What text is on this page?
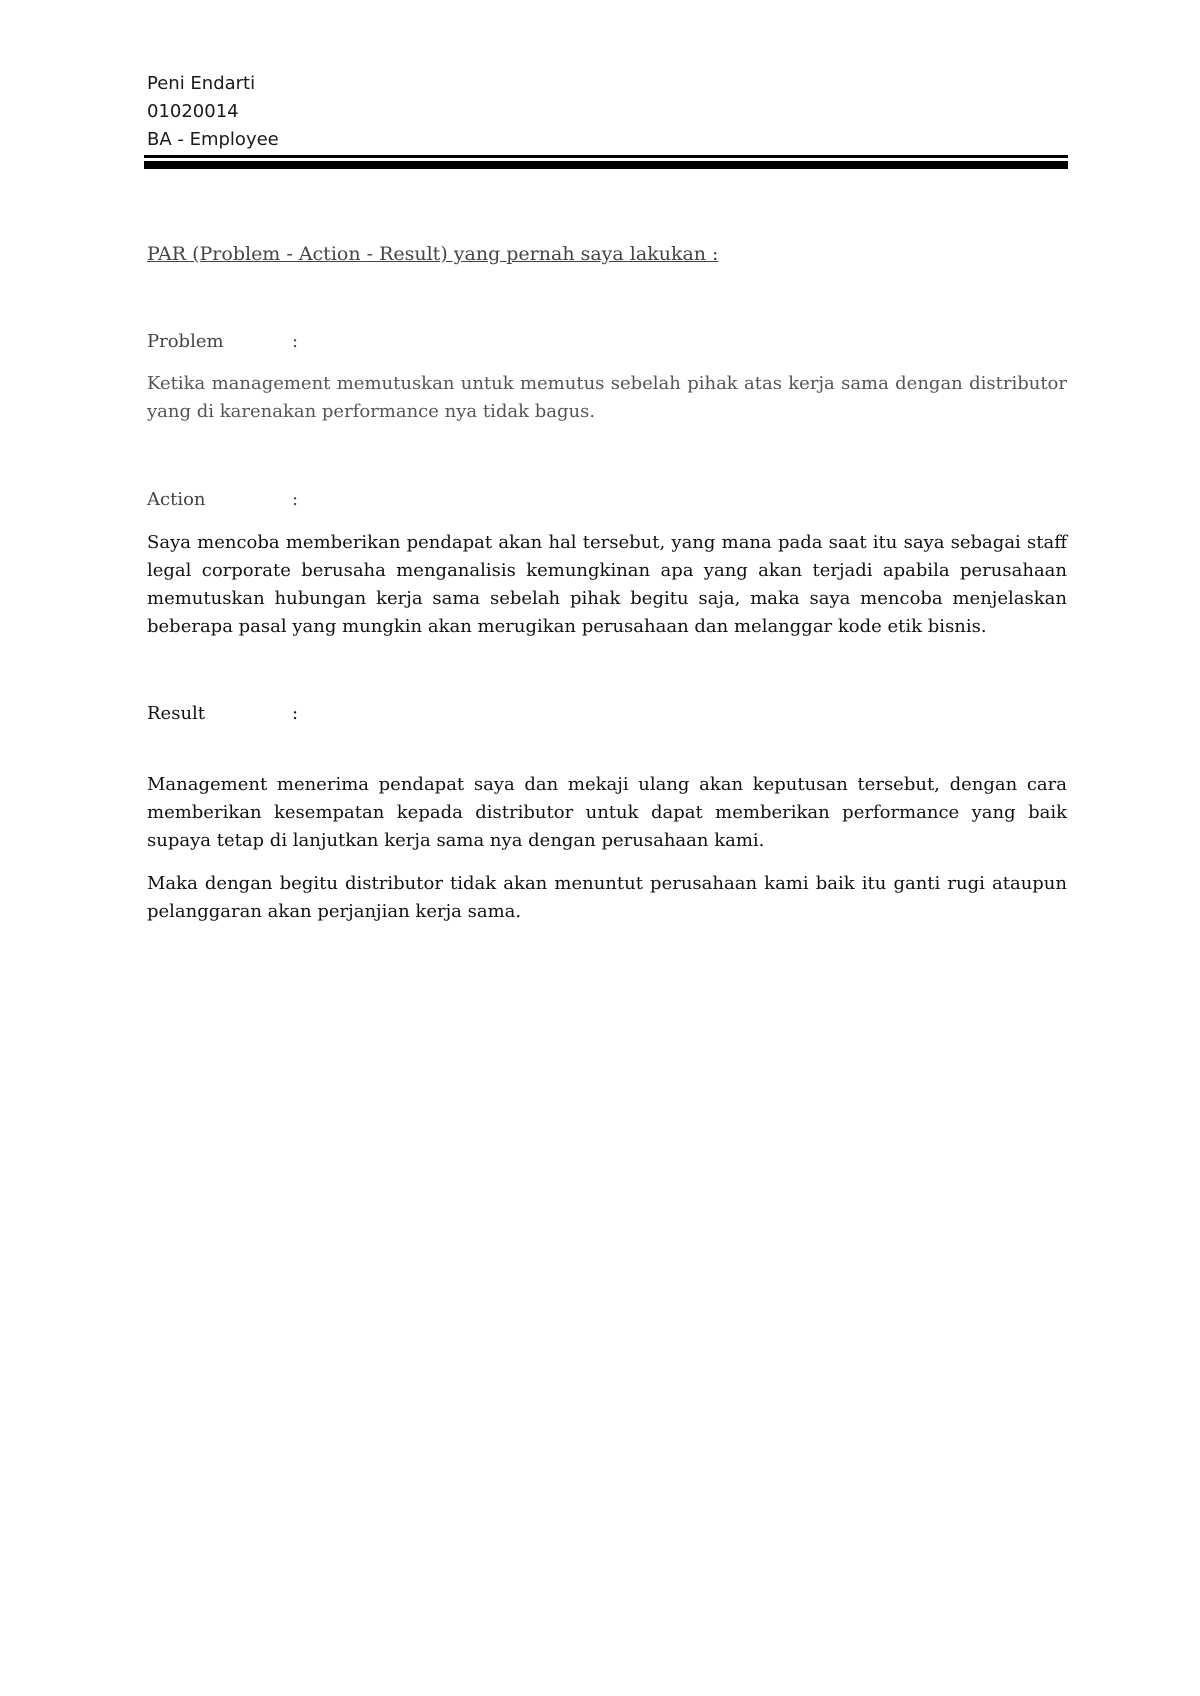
Peni Endarti
01020014
BA - Employee
PAR (Problem - Action - Result) yang pernah saya lakukan :
Problem	:

Ketika management memutuskan untuk memutus sebelah pihak atas kerja sama dengan distributor yang di karenakan performance nya tidak bagus.

Action	:

Saya mencoba memberikan pendapat akan hal tersebut, yang mana pada saat itu saya sebagai staff legal corporate berusaha menganalisis kemungkinan apa yang akan terjadi apabila perusahaan memutuskan hubungan kerja sama sebelah pihak begitu saja, maka saya mencoba menjelaskan beberapa pasal yang mungkin akan merugikan perusahaan dan melanggar kode etik bisnis.

Result	:

Management menerima pendapat saya dan mekaji ulang akan keputusan tersebut, dengan cara memberikan kesempatan kepada distributor untuk dapat memberikan performance yang baik supaya tetap di lanjutkan kerja sama nya dengan perusahaan kami.

Maka dengan begitu distributor tidak akan menuntut perusahaan kami baik itu ganti rugi ataupun pelanggaran akan perjanjian kerja sama.
